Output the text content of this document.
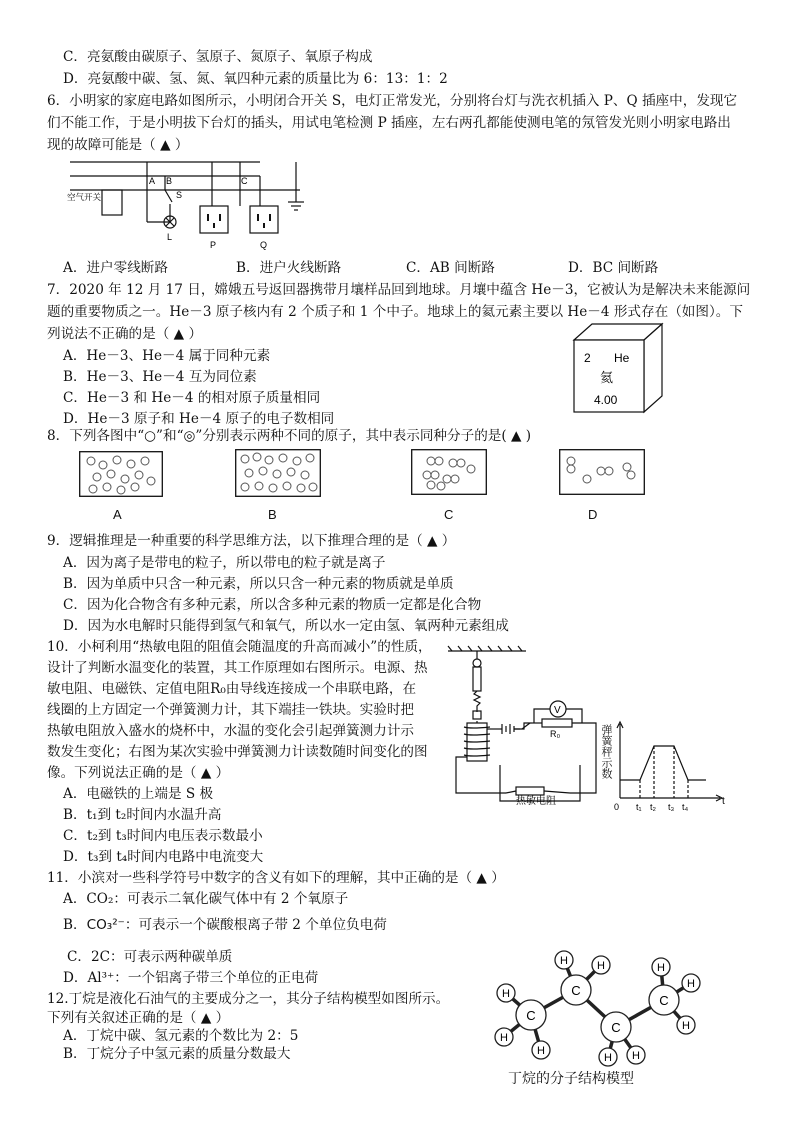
C．亮氨酸由碳原子、氢原子、氮原子、氧原子构成
D．亮氨酸中碳、氢、氮、氧四种元素的质量比为 6：13：1：2
6．小明家的家庭电路如图所示，小明闭合开关 S，电灯正常发光，分别将台灯与洗衣机插入 P、Q 插座中，发现它
们不能工作，于是小明拔下台灯的插头，用试电笔检测 P 插座，左右两孔都能使测电笔的氖管发光则小明家电路出
现的故障可能是（ ▲ ）
空气开关
A B	C
S
L
P	Q
A．进户零线断路	B．进户火线断路	C．AB 间断路	D．BC 间断路
7．2020 年 12 月 17 日，嫦娥五号返回器携带月壤样品回到地球。月壤中蕴含 He－3，它被认为是解决未来能源问
题的重要物质之一。He－3 原子核内有 2 个质子和 1 个中子。地球上的氦元素主要以 He－4 形式存在（如图）。下
列说法不正确的是（ ▲ ）
A．He－3、He－4 属于同种元素
B．He－3、He－4 互为同位素
C．He－3 和 He－4 的相对原子质量相同
D．He－3 原子和 He－4 原子的电子数相同
2 He
氦
4.00
8．下列各图中“○”和“◎”分别表示两种不同的原子，其中表示同种分子的是( ▲ )
A	B	C	D
9．逻辑推理是一种重要的科学思维方法，以下推理合理的是（ ▲ ）
A．因为离子是带电的粒子，所以带电的粒子就是离子
B．因为单质中只含一种元素，所以只含一种元素的物质就是单质
C．因为化合物含有多种元素，所以含多种元素的物质一定都是化合物
D．因为水电解时只能得到氢气和氧气，所以水一定由氢、氧两种元素组成
10．小柯利用“热敏电阻的阻值会随温度的升高而减小”的性质，
设计了判断水温变化的装置，其工作原理如右图所示。电源、热
敏电阻、电磁铁、定值电阻R₀由导线连接成一个串联电路，在
线圈的上方固定一个弹簧测力计，其下端挂一铁块。实验时把
热敏电阻放入盛水的烧杯中，水温的变化会引起弹簧测力计示
数发生变化；右图为某次实验中弹簧测力计读数随时间变化的图
像。下列说法正确的是（ ▲ ）
A．电磁铁的上端是 S 极
B．t₁到 t₂时间内水温升高
C．t₂到 t₃时间内电压表示数最小
D．t₃到 t₄时间内电路中电流变大
V
R₀
热敏电阻
弹簧秤示数
0 t₁ t₂ t₃ t₄	t
11．小滨对一些科学符号中数字的含义有如下的理解，其中正确的是（ ▲ ）
A．CO₂：可表示二氧化碳气体中有 2 个氧原子
B．CO₃²⁻：可表示一个碳酸根离子带 2 个单位负电荷
C．2C：可表示两种碳单质
D．Al³⁺：一个铝离子带三个单位的正电荷
12.丁烷是液化石油气的主要成分之一，其分子结构模型如图所示。
下列有关叙述正确的是（ ▲ ）
A．丁烷中碳、氢元素的个数比为 2：5
B．丁烷分子中氢元素的质量分数最大
H
H
H
H	H
H H
H
H
H
C
C
C
C
丁烷的分子结构模型
